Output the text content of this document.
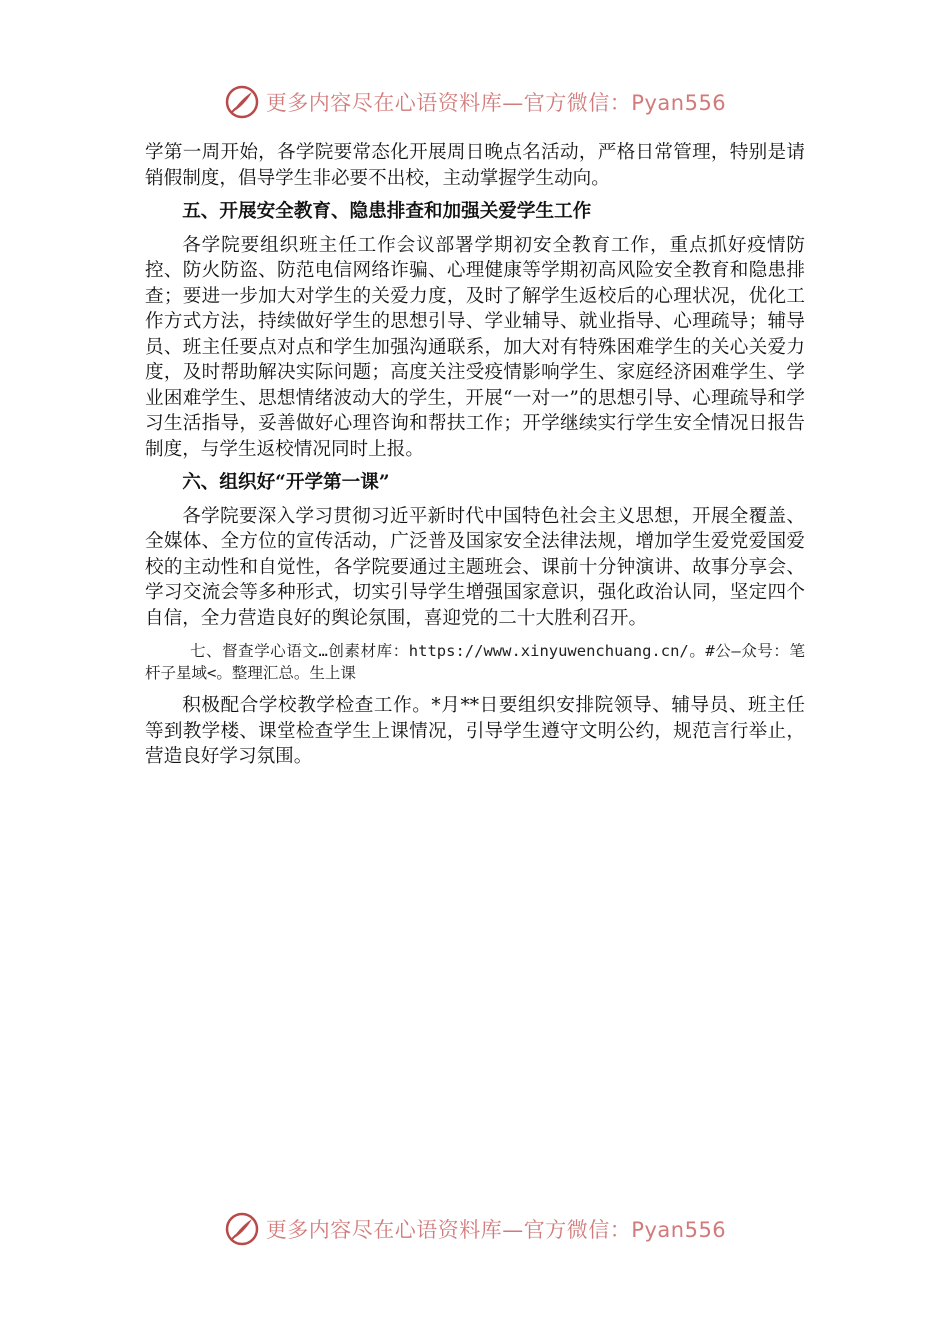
更多内容尽在心语资料库—官方微信：Pyan556

学第一周开始，各学院要常态化开展周日晚点名活动，严格日常管理，特别是请销假制度，倡导学生非必要不出校，主动掌握学生动向。

五、开展安全教育、隐患排查和加强关爱学生工作

各学院要组织班主任工作会议部署学期初安全教育工作，重点抓好疫情防控、防火防盗、防范电信网络诈骗、心理健康等学期初高风险安全教育和隐患排查；要进一步加大对学生的关爱力度，及时了解学生返校后的心理状况，优化工作方式方法，持续做好学生的思想引导、学业辅导、就业指导、心理疏导；辅导员、班主任要点对点和学生加强沟通联系，加大对有特殊困难学生的关心关爱力度，及时帮助解决实际问题；高度关注受疫情影响学生、家庭经济困难学生、学业困难学生、思想情绪波动大的学生，开展“一对一”的思想引导、心理疏导和学习生活指导，妥善做好心理咨询和帮扶工作；开学继续实行学生安全情况日报告制度，与学生返校情况同时上报。

六、组织好“开学第一课”

各学院要深入学习贯彻习近平新时代中国特色社会主义思想，开展全覆盖、全媒体、全方位的宣传活动，广泛普及国家安全法律法规，增加学生爱党爱国爱校的主动性和自觉性，各学院要通过主题班会、课前十分钟演讲、故事分享会、学习交流会等多种形式，切实引导学生增强国家意识，强化政治认同，坚定四个自信，全力营造良好的舆论氛围，喜迎党的二十大胜利召开。

七、督查学心语文…创素材库：https://www.xinyuwenchuang.cn/。#公—众号：笔杆子星域<。整理汇总。生上课

积极配合学校教学检查工作。*月**日要组织安排院领导、辅导员、班主任等到教学楼、课堂检查学生上课情况，引导学生遵守文明公约，规范言行举止，营造良好学习氛围。

更多内容尽在心语资料库—官方微信：Pyan556
